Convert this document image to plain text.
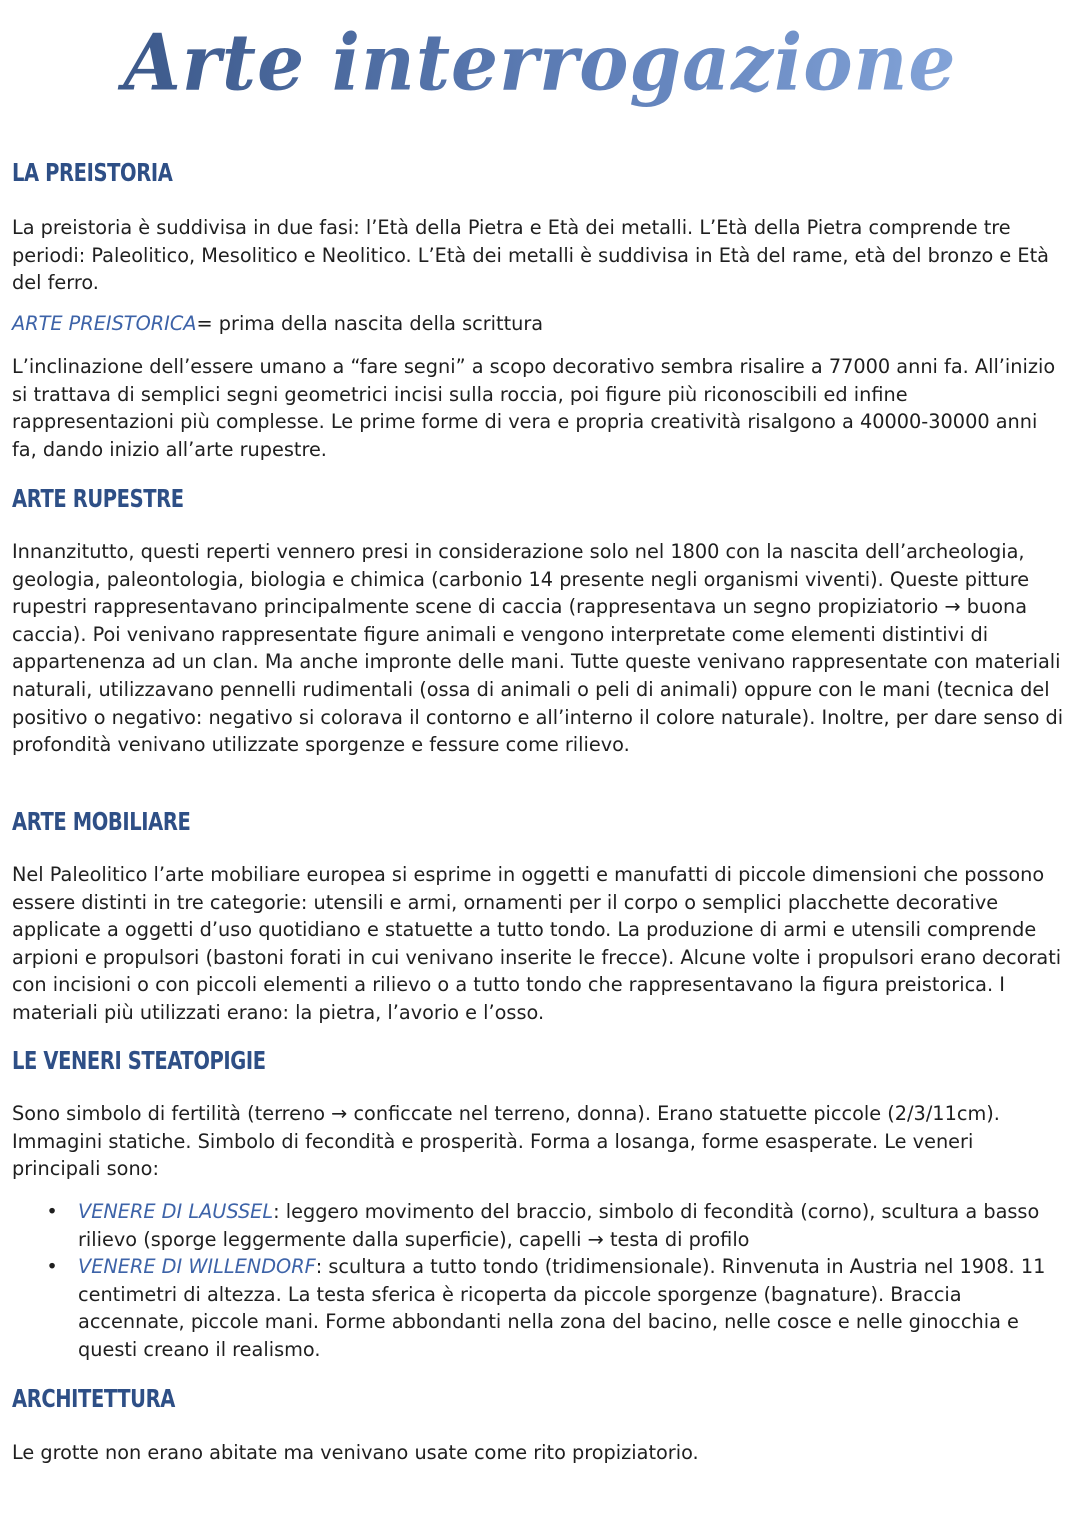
Arte interrogazione
LA PREISTORIA

La preistoria è suddivisa in due fasi: l’Età della Pietra e Età dei metalli. L’Età della Pietra comprende tre periodi: Paleolitico, Mesolitico e Neolitico. L’Età dei metalli è suddivisa in Età del rame, età del bronzo e Età del ferro.

ARTE PREISTORICA= prima della nascita della scrittura

L’inclinazione dell’essere umano a “fare segni” a scopo decorativo sembra risalire a 77000 anni fa. All’inizio si trattava di semplici segni geometrici incisi sulla roccia, poi figure più riconoscibili ed infine rappresentazioni più complesse. Le prime forme di vera e propria creatività risalgono a 40000-30000 anni fa, dando inizio all’arte rupestre.

ARTE RUPESTRE

Innanzitutto, questi reperti vennero presi in considerazione solo nel 1800 con la nascita dell’archeologia, geologia, paleontologia, biologia e chimica (carbonio 14 presente negli organismi viventi). Queste pitture rupestri rappresentavano principalmente scene di caccia (rappresentava un segno propiziatorio → buona caccia). Poi venivano rappresentate figure animali e vengono interpretate come elementi distintivi di appartenenza ad un clan. Ma anche impronte delle mani. Tutte queste venivano rappresentate con materiali naturali, utilizzavano pennelli rudimentali (ossa di animali o peli di animali) oppure con le mani (tecnica del positivo o negativo: negativo si colorava il contorno e all’interno il colore naturale). Inoltre, per dare senso di profondità venivano utilizzate sporgenze e fessure come rilievo.

ARTE MOBILIARE

Nel Paleolitico l’arte mobiliare europea si esprime in oggetti e manufatti di piccole dimensioni che possono essere distinti in tre categorie: utensili e armi, ornamenti per il corpo o semplici placchette decorative applicate a oggetti d’uso quotidiano e statuette a tutto tondo. La produzione di armi e utensili comprende arpioni e propulsori (bastoni forati in cui venivano inserite le frecce). Alcune volte i propulsori erano decorati con incisioni o con piccoli elementi a rilievo o a tutto tondo che rappresentavano la figura preistorica. I materiali più utilizzati erano: la pietra, l’avorio e l’osso.

LE VENERI STEATOPIGIE

Sono simbolo di fertilità (terreno → conficcate nel terreno, donna). Erano statuette piccole (2/3/11cm). Immagini statiche. Simbolo di fecondità e prosperità. Forma a losanga, forme esasperate. Le veneri principali sono:

• VENERE DI LAUSSEL: leggero movimento del braccio, simbolo di fecondità (corno), scultura a basso rilievo (sporge leggermente dalla superficie), capelli → testa di profilo
• VENERE DI WILLENDORF: scultura a tutto tondo (tridimensionale). Rinvenuta in Austria nel 1908. 11 centimetri di altezza. La testa sferica è ricoperta da piccole sporgenze (bagnature). Braccia accennate, piccole mani. Forme abbondanti nella zona del bacino, nelle cosce e nelle ginocchia e questi creano il realismo.
ARCHITETTURA

Le grotte non erano abitate ma venivano usate come rito propiziatorio.
